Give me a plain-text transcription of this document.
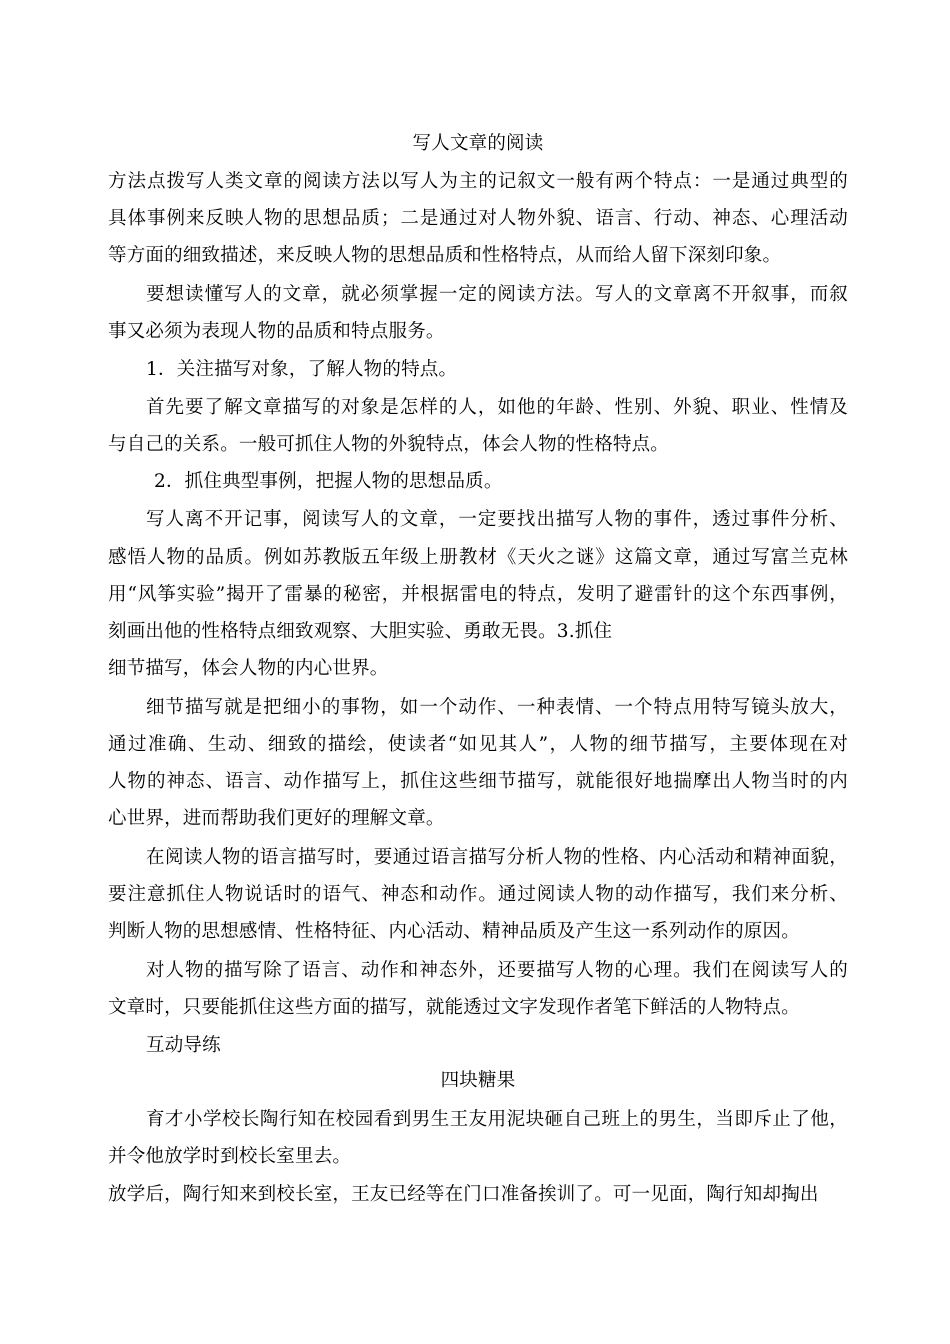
写人文章的阅读
方法点拨写人类文章的阅读方法以写人为主的记叙文一般有两个特点：一是通过典型的
具体事例来反映人物的思想品质；二是通过对人物外貌、语言、行动、神态、心理活动
等方面的细致描述，来反映人物的思想品质和性格特点，从而给人留下深刻印象。
要想读懂写人的文章，就必须掌握一定的阅读方法。写人的文章离不开叙事，而叙
事又必须为表现人物的品质和特点服务。
1．关注描写对象，了解人物的特点。
首先要了解文章描写的对象是怎样的人，如他的年龄、性别、外貌、职业、性情及
与自己的关系。一般可抓住人物的外貌特点，体会人物的性格特点。
2．抓住典型事例，把握人物的思想品质。
写人离不开记事，阅读写人的文章，一定要找出描写人物的事件，透过事件分析、
感悟人物的品质。例如苏教版五年级上册教材《天火之谜》这篇文章，通过写富兰克林
用“风筝实验”揭开了雷暴的秘密，并根据雷电的特点，发明了避雷针的这个东西事例，
刻画出他的性格特点细致观察、大胆实验、勇敢无畏。3.抓住
细节描写，体会人物的内心世界。
细节描写就是把细小的事物，如一个动作、一种表情、一个特点用特写镜头放大，
通过准确、生动、细致的描绘，使读者“如见其人”，人物的细节描写，主要体现在对
人物的神态、语言、动作描写上，抓住这些细节描写，就能很好地揣摩出人物当时的内
心世界，进而帮助我们更好的理解文章。
在阅读人物的语言描写时，要通过语言描写分析人物的性格、内心活动和精神面貌，
要注意抓住人物说话时的语气、神态和动作。通过阅读人物的动作描写，我们来分析、
判断人物的思想感情、性格特征、内心活动、精神品质及产生这一系列动作的原因。
对人物的描写除了语言、动作和神态外，还要描写人物的心理。我们在阅读写人的
文章时，只要能抓住这些方面的描写，就能透过文字发现作者笔下鲜活的人物特点。
互动导练
四块糖果
育才小学校长陶行知在校园看到男生王友用泥块砸自己班上的男生，当即斥止了他，
并令他放学时到校长室里去。
放学后，陶行知来到校长室，王友已经等在门口准备挨训了。可一见面，陶行知却掏出
